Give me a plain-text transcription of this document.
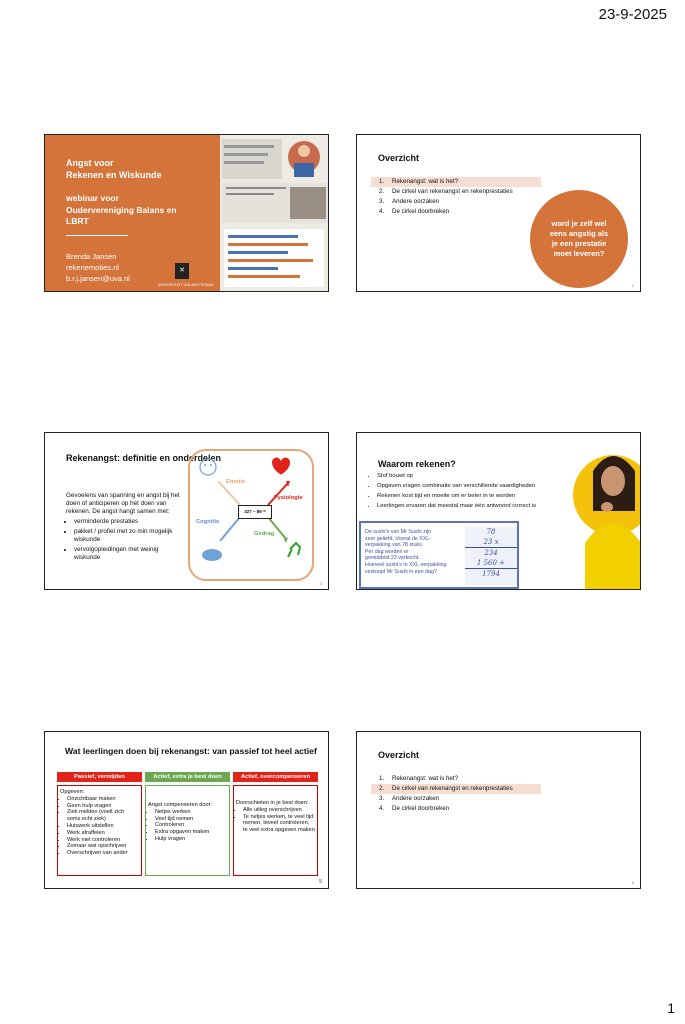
23-9-2025
Angst voor
Rekenen en Wiskunde
webinar voor
Oudervereniging Balans en
LBRT
Brenda Jansen
rekenemoties.nl
b.r.j.jansen@uva.nl
✕
UNIVERSITEIT VAN AMSTERDAM
Overzicht
1. Rekenangst: wat is het?
2. De cirkel van rekenangst en rekenprestaties
3. Andere oorzaken
4. De cirkel doorbreken
word je zelf wel
eens angstig als
je een prestatie
moet leveren?
2
Rekenangst: definitie en onderdelen
Gevoelens van spanning en angst bij het doen of anticiperen op het doen van rekenen. De angst hangt samen met:
• verminderde prestaties
• pakket / profiel met zo min mogelijk wiskunde
• vervolgopleidingen met weinig wiskunde
Emotie
Fysiologie
Cognitie
Gedrag
327 – 89 =
3
Waarom rekenen?
• Stof bouwt op
• Opgaven vragen combinatie van verschillende vaardigheden
• Rekenen kost tijd en moeite om er beter in te worden
• Leerlingen ervaren dat meestal maar één antwoord correct is
De sushi's van Mr Sushi zijn
zeer geliefd. Vooral de XXL-
verpakking van 78 stuks.
Per dag worden er
gemiddeld 23 verkocht.
Hoeveel sushi's in XXL-verpakking
verkoopt Mr Sushi in een dag?
78
23 x
234
1 560 +
1794
Wat leerlingen doen bij rekenangst: van passief tot heel actief
Passief, vermijden
Opgeven:
• Onzichtbaar maken
• Geen hulp vragen
• Ziek melden (voelt zich soms echt ziek)
• Huiswerk uitstellen
• Werk afraffelen
• Werk niet controleren
• Zomaar wat opschrijven
• Overschrijven van ander
Actief, extra je best doen
Angst compenseren door:
• Netjes werken
• Veel tijd nemen
• Controleren
• Extra opgaven maken
• Hulp vragen
Actief, overcompenseren
Doorschieten in je best doen:
• Alle uitleg overschrijven
• Te netjes werken, te veel tijd nemen, teveel controleren, te veel extra opgaven maken
5
Overzicht
1. Rekenangst: wat is het?
2. De cirkel van rekenangst en rekenprestaties
3. Andere oorzaken
4. De cirkel doorbreken
6
1
